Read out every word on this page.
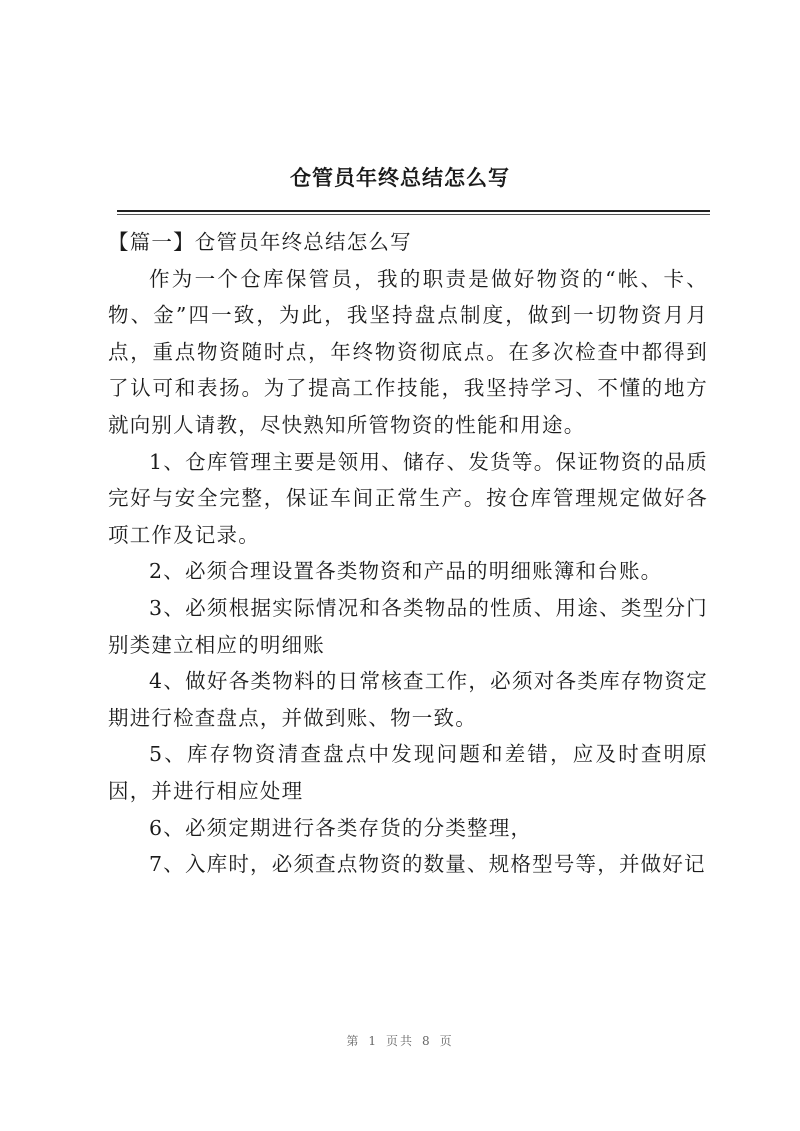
仓管员年终总结怎么写

【篇一】仓管员年终总结怎么写

作为一个仓库保管员，我的职责是做好物资的“帐、卡、物、金”四一致，为此，我坚持盘点制度，做到一切物资月月点，重点物资随时点，年终物资彻底点。在多次检查中都得到了认可和表扬。为了提高工作技能，我坚持学习、不懂的地方就向别人请教，尽快熟知所管物资的性能和用途。

1、仓库管理主要是领用、储存、发货等。保证物资的品质完好与安全完整，保证车间正常生产。按仓库管理规定做好各项工作及记录。

2、必须合理设置各类物资和产品的明细账簿和台账。

3、必须根据实际情况和各类物品的性质、用途、类型分门别类建立相应的明细账

4、做好各类物料的日常核查工作，必须对各类库存物资定期进行检查盘点，并做到账、物一致。

5、库存物资清查盘点中发现问题和差错，应及时查明原因，并进行相应处理

6、必须定期进行各类存货的分类整理，

7、入库时，必须查点物资的数量、规格型号等，并做好记

第 1 页共 8 页
